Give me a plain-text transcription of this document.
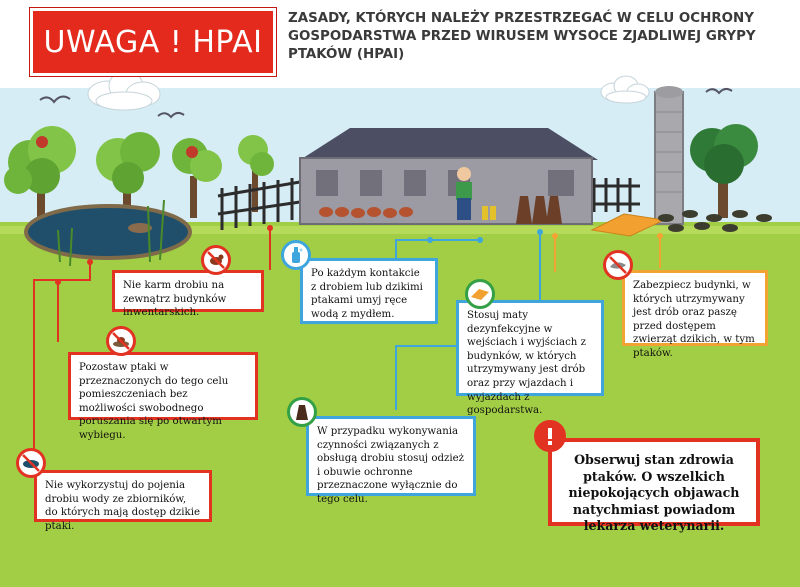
UWAGA ! HPAI
ZASADY, KTÓRYCH NALEŻY PRZESTRZEGAĆ W CELU OCHRONY GOSPODARSTWA PRZED WIRUSEM WYSOCE ZJADLIWEJ GRYPY PTAKÓW (HPAI)
Nie karm drobiu na zewnątrz budynków inwentarskich.
Po każdym kontakcie z drobiem lub dzikimi ptakami umyj ręce wodą z mydłem.	Stosuj maty dezynfekcyjne w wejściach i wyjściach z budynków, w których utrzymywany jest drób oraz przy wjazdach i wyjazdach z gospodarstwa.
Zabezpiecz budynki, w których utrzymywany jest drób oraz paszę przed dostępem zwierząt dzikich, w tym ptaków.
Pozostaw ptaki w przeznaczonych do tego celu pomieszczeniach bez możliwości swobodnego poruszania się po otwartym wybiegu.	W przypadku wykonywania czynności związanych z obsługą drobiu stosuj odzież i obuwie ochronne przeznaczone wyłącznie do tego celu.
Nie wykorzystuj do pojenia drobiu wody ze zbiorników, do których mają dostęp dzikie ptaki.
Obserwuj stan zdrowia ptaków. O wszelkich niepokojących objawach natychmiast powiadom lekarza weterynarii.
